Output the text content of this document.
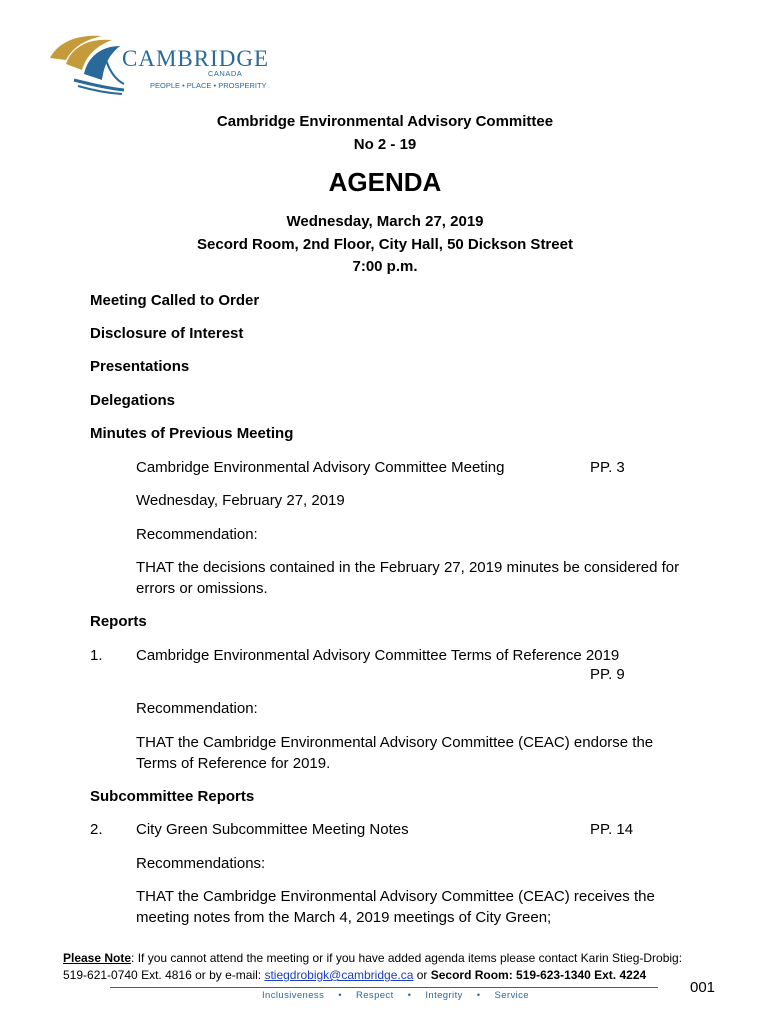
CAMBRIDGE
CANADA
PEOPLE • PLACE • PROSPERITY
Cambridge Environmental Advisory Committee
No 2 - 19
AGENDA
Wednesday, March 27, 2019
Secord Room, 2nd Floor, City Hall, 50 Dickson Street
7:00 p.m.
Meeting Called to Order
Disclosure of Interest
Presentations
Delegations
Minutes of Previous Meeting
Cambridge Environmental Advisory Committee Meeting	PP. 3
Wednesday, February 27, 2019
Recommendation:
THAT the decisions contained in the February 27, 2019 minutes be considered for
errors or omissions.
Reports
1. Cambridge Environmental Advisory Committee Terms of Reference 2019
PP. 9
Recommendation:
THAT the Cambridge Environmental Advisory Committee (CEAC) endorse the
Terms of Reference for 2019.
Subcommittee Reports
2. City Green Subcommittee Meeting Notes	PP. 14
Recommendations:
THAT the Cambridge Environmental Advisory Committee (CEAC) receives the
meeting notes from the March 4, 2019 meetings of City Green;
Please Note: If you cannot attend the meeting or if you have added agenda items please contact Karin Stieg-Drobig:
519-621-0740 Ext. 4816 or by e-mail: stiegdrobigk@cambridge.ca or Secord Room: 519-623-1340 Ext. 4224
Inclusiveness • Respect • Integrity • Service	001
